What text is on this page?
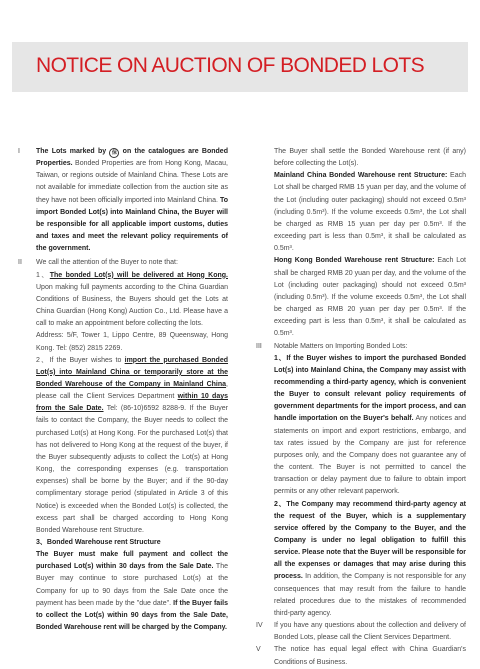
NOTICE ON AUCTION OF BONDED LOTS
I The Lots marked by 保 on the catalogues are Bonded Properties. Bonded Properties are from Hong Kong, Macau, Taiwan, or regions outside of Mainland China. These Lots are not available for immediate collection from the auction site as they have not been officially imported into Mainland China. To import Bonded Lot(s) into Mainland China, the Buyer will be responsible for all applicable import customs, duties and taxes and meet the relevant policy requirements of the government.

II We call the attention of the Buyer to note that:

1、The bonded Lot(s) will be delivered at Hong Kong. Upon making full payments according to the China Guardian Conditions of Business, the Buyers should get the Lots at China Guardian (Hong Kong) Auction Co., Ltd. Please have a call to make an appointment before collecting the lots.

Address: 5/F, Tower 1, Lippo Centre, 89 Queensway, Hong Kong. Tel: (852) 2815 2269.

2、If the Buyer wishes to import the purchased Bonded Lot(s) into Mainland China or temporarily store at the Bonded Warehouse of the Company in Mainland China, please call the Client Services Department within 10 days from the Sale Date. Tel: (86-10)6592 8288-9. If the Buyer fails to contact the Company, the Buyer needs to collect the purchased Lot(s) at Hong Kong. For the purchased Lot(s) that has not delivered to Hong Kong at the request of the buyer, if the Buyer subsequently adjusts to collect the Lot(s) at Hong Kong, the corresponding expenses (e.g. transportation expenses) shall be borne by the Buyer; and if the 90-day complimentary storage period (stipulated in Article 3 of this Notice) is exceeded when the Bonded Lot(s) is collected, the excess part shall be charged according to Hong Kong Bonded Warehouse rent Structure.

3、Bonded Warehouse rent Structure

The Buyer must make full payment and collect the purchased Lot(s) within 30 days from the Sale Date. The Buyer may continue to store purchased Lot(s) at the Company for up to 90 days from the Sale Date once the payment has been made by the "due date". If the Buyer fails to collect the Lot(s) within 90 days from the Sale Date, Bonded Warehouse rent will be charged by the Company.

The Buyer shall settle the Bonded Warehouse rent (if any) before collecting the Lot(s).

Mainland China Bonded Warehouse rent Structure: Each Lot shall be charged RMB 15 yuan per day, and the volume of the Lot (including outer packaging) should not exceed 0.5m³ (including 0.5m³). If the volume exceeds 0.5m³, the Lot shall be charged as RMB 15 yuan per day per 0.5m³. If the exceeding part is less than 0.5m³, it shall be calculated as 0.5m³.

Hong Kong Bonded Warehouse rent Structure: Each Lot shall be charged RMB 20 yuan per day, and the volume of the Lot (including outer packaging) should not exceed 0.5m³ (including 0.5m³). If the volume exceeds 0.5m³, the Lot shall be charged as RMB 20 yuan per day per 0.5m³. If the exceeding part is less than 0.5m³, it shall be calculated as 0.5m³.

III Notable Matters on Importing Bonded Lots:

1、If the Buyer wishes to import the purchased Bonded Lot(s) into Mainland China, the Company may assist with recommending a third-party agency, which is convenient the Buyer to consult relevant policy requirements of government departments for the import process, and can handle importation on the Buyer's behalf. Any notices and statements on import and export restrictions, embargo, and tax rates issued by the Company are just for reference purposes only, and the Company does not guarantee any of the content. The Buyer is not permitted to cancel the transaction or delay payment due to failure to obtain import permits or any other relevant paperwork.

2、The Company may recommend third-party agency at the request of the Buyer, which is a supplementary service offered by the Company to the Buyer, and the Company is under no legal obligation to fulfill this service. Please note that the Buyer will be responsible for all the expenses or damages that may arise during this process. In addition, the Company is not responsible for any consequences that may result from the failure to handle related procedures due to the mistakes of recommended third-party agency.

IV If you have any questions about the collection and delivery of Bonded Lots, please call the Client Services Department.

V The notice has equal legal effect with China Guardian's Conditions of Business.
